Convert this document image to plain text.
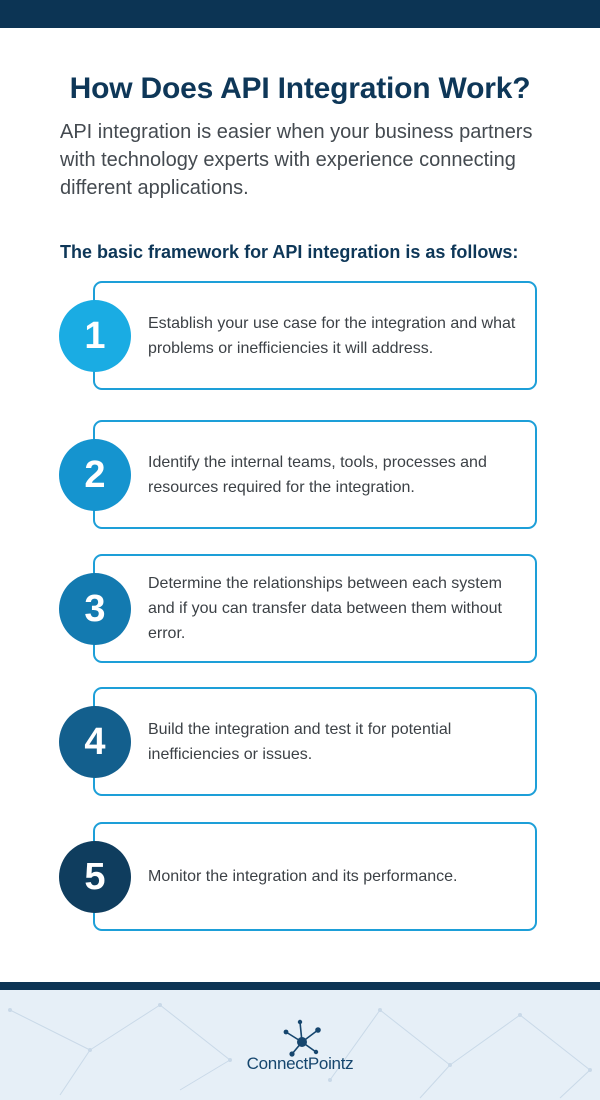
How Does API Integration Work?

API integration is easier when your business partners with technology experts with experience connecting different applications.

The basic framework for API integration is as follows:
1	Establish your use case for the integration and what problems or inefficiencies it will address.

2	Identify the internal teams, tools, processes and resources required for the integration.

3

Determine the relationships between each system and if you can transfer data between them without error.

4	Build the integration and test it for potential inefficiencies or issues.

5	Monitor the integration and its performance.

ConnectPointz
